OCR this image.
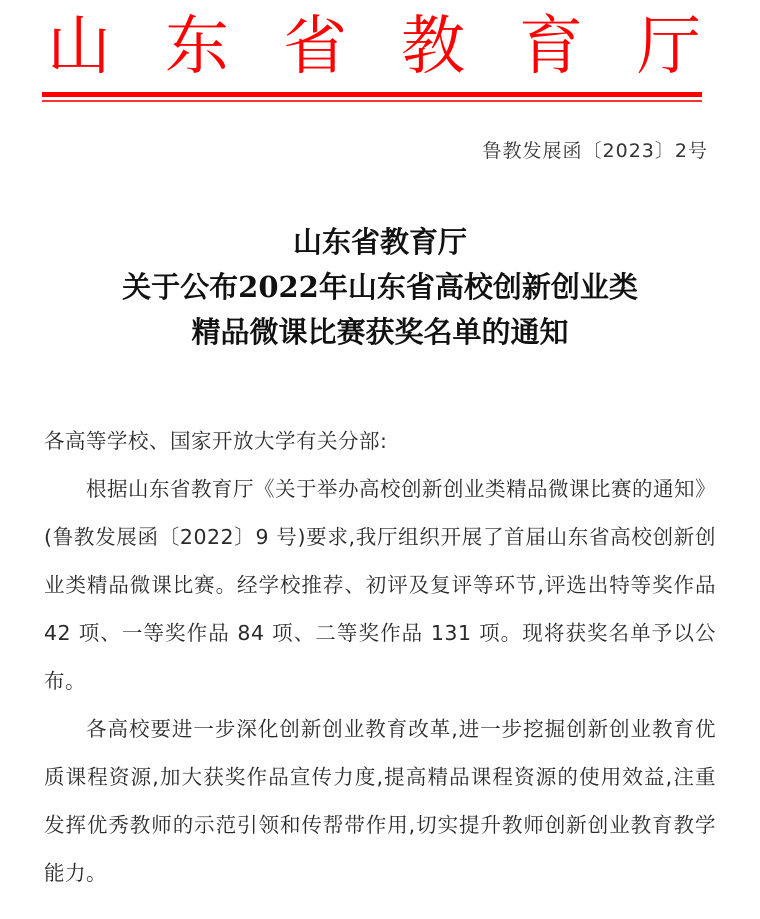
山 东 省 教 育 厅
鲁教发展函〔2023〕2号
山东省教育厅
关于公布2022年山东省高校创新创业类
精品微课比赛获奖名单的通知

各高等学校、国家开放大学有关分部:

根据山东省教育厅《关于举办高校创新创业类精品微课比赛的通知》(鲁教发展函〔2022〕9 号)要求,我厅组织开展了首届山东省高校创新创业类精品微课比赛。经学校推荐、初评及复评等环节,评选出特等奖作品 42 项、一等奖作品 84 项、二等奖作品 131 项。现将获奖名单予以公布。

各高校要进一步深化创新创业教育改革,进一步挖掘创新创业教育优质课程资源,加大获奖作品宣传力度,提高精品课程资源的使用效益,注重发挥优秀教师的示范引领和传帮带作用,切实提升教师创新创业教育教学能力。
